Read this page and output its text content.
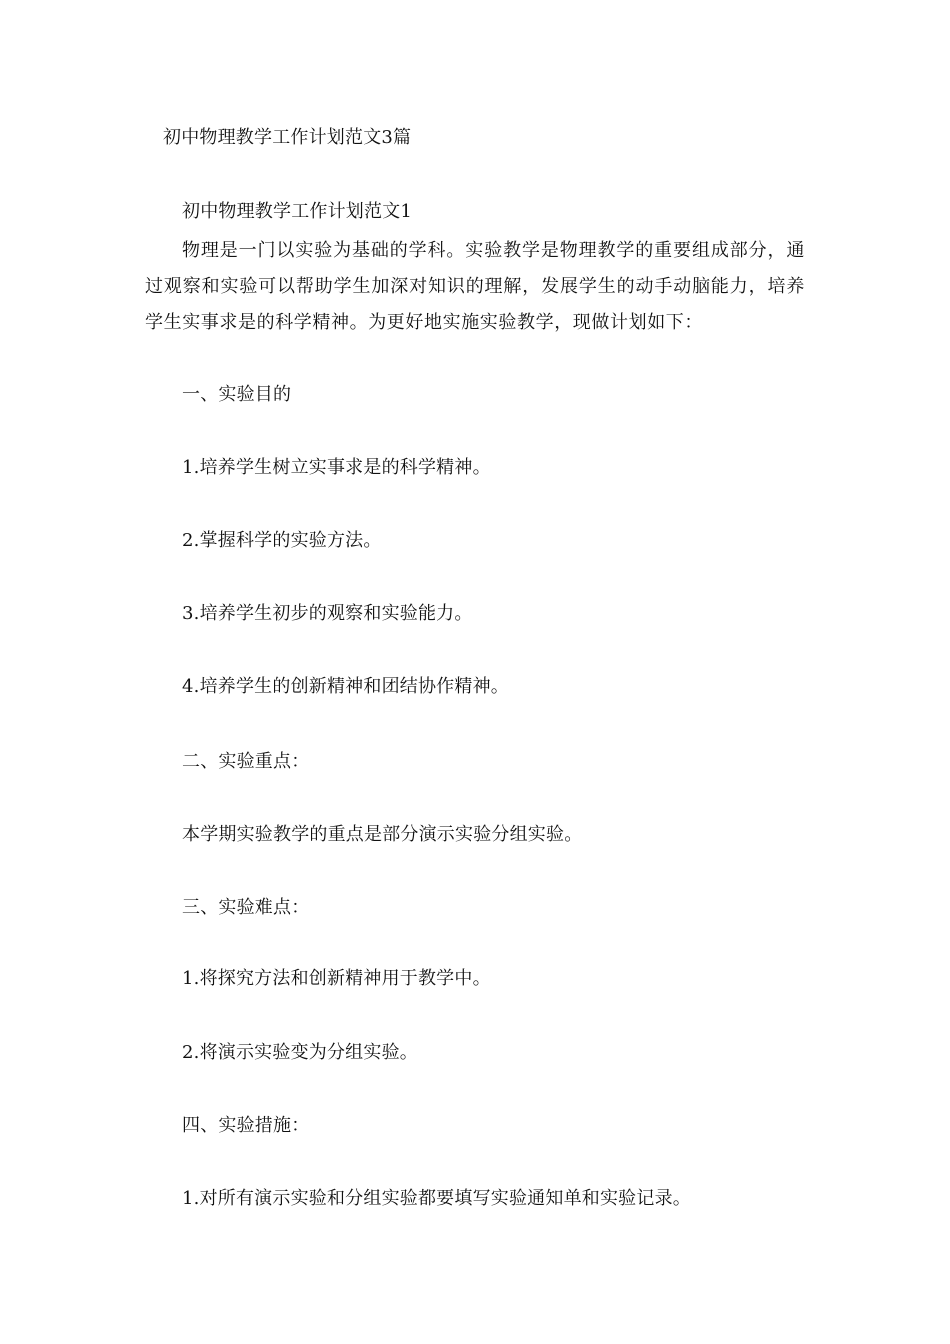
初中物理教学工作计划范文3篇
初中物理教学工作计划范文1

物理是一门以实验为基础的学科。实验教学是物理教学的重要组成部分，通过观察和实验可以帮助学生加深对知识的理解，发展学生的动手动脑能力，培养学生实事求是的科学精神。为更好地实施实验教学，现做计划如下：

一、实验目的
1.培养学生树立实事求是的科学精神。
2.掌握科学的实验方法。
3.培养学生初步的观察和实验能力。
4.培养学生的创新精神和团结协作精神。
二、实验重点：
本学期实验教学的重点是部分演示实验分组实验。
三、实验难点：
1.将探究方法和创新精神用于教学中。
2.将演示实验变为分组实验。
四、实验措施：
1.对所有演示实验和分组实验都要填写实验通知单和实验记录。
